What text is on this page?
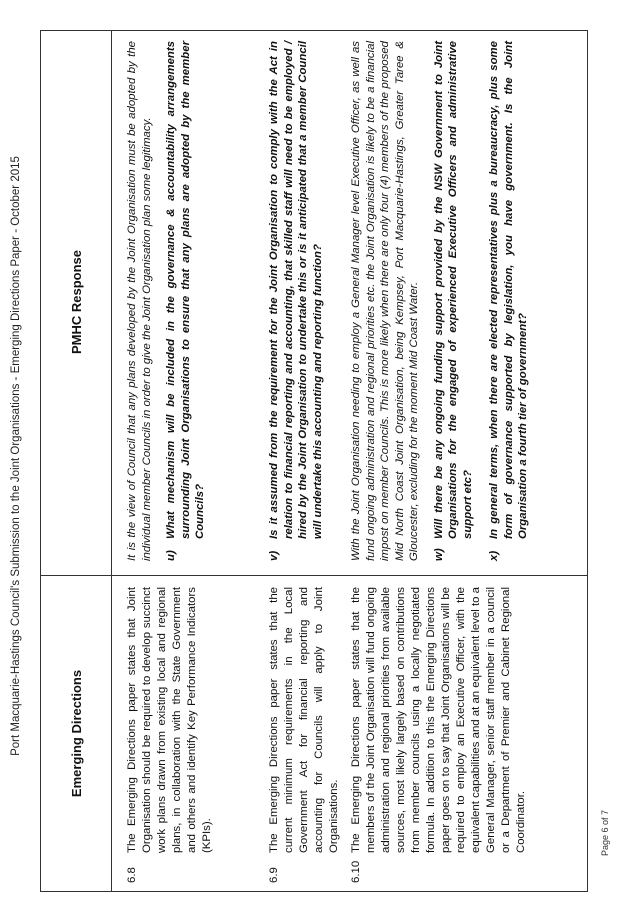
Port Macquarie-Hastings Council's Submission to the Joint Organisations - Emerging Directions Paper - October 2015	Emerging Directions
PMHC Response
6.8
The Emerging Directions paper states that Joint Organisation should be required to develop succinct work plans drawn from existing local and regional plans, in collaboration with the State Government and others and identify Key Performance Indicators (KPIs).

It is the view of Council that any plans developed by the Joint Organisation must be adopted by the individual member Councils in order to give the Joint Organisation plan some legitimacy. u)
What mechanism will be included in the governance & accountability arrangements surrounding Joint Organisations to ensure that any plans are adopted by the member Councils?
6.9
The Emerging Directions paper states that the current minimum requirements in the Local Government Act for financial reporting and accounting for Councils will apply to Joint Organisations.
v)
Is it assumed from the requirement for the Joint Organisation to comply with the Act in relation to financial reporting and accounting, that skilled staff will need to be employed / hired by the Joint Organisation to undertake this or is it anticipated that a member Council will undertake this accounting and reporting function?
6.10
The Emerging Directions paper states that the members of the Joint Organisation will fund ongoing administration and regional priorities from available sources, most likely largely based on contributions from member councils using a locally negotiated formula. In addition to this the Emerging Directions paper goes on to say that Joint Organisations will be required to employ an Executive Officer, with the equivalent capabilities and at an equivalent level to a General Manager, senior staff member in a council or a Department of Premier and Cabinet Regional Coordinator.

With the Joint Organisation needing to employ a General Manager level Executive Officer, as well as fund ongoing administration and regional priorities etc. the Joint Organisation is likely to be a financial impost on member Councils. This is more likely when there are only four (4) members of the proposed Mid North Coast Joint Organisation, being Kempsey, Port Macquarie-Hastings, Greater Taree & Gloucester, excluding for the moment Mid Coast Water. w)
Will there be any ongoing funding support provided by the NSW Government to Joint Organisations for the engaged of experienced Executive Officers and administrative support etc?
x)
In general terms, when there are elected representatives plus a bureaucracy, plus some form of governance supported by legislation, you have government. Is the Joint Organisation a fourth tier of government?
Page 6 of 7
